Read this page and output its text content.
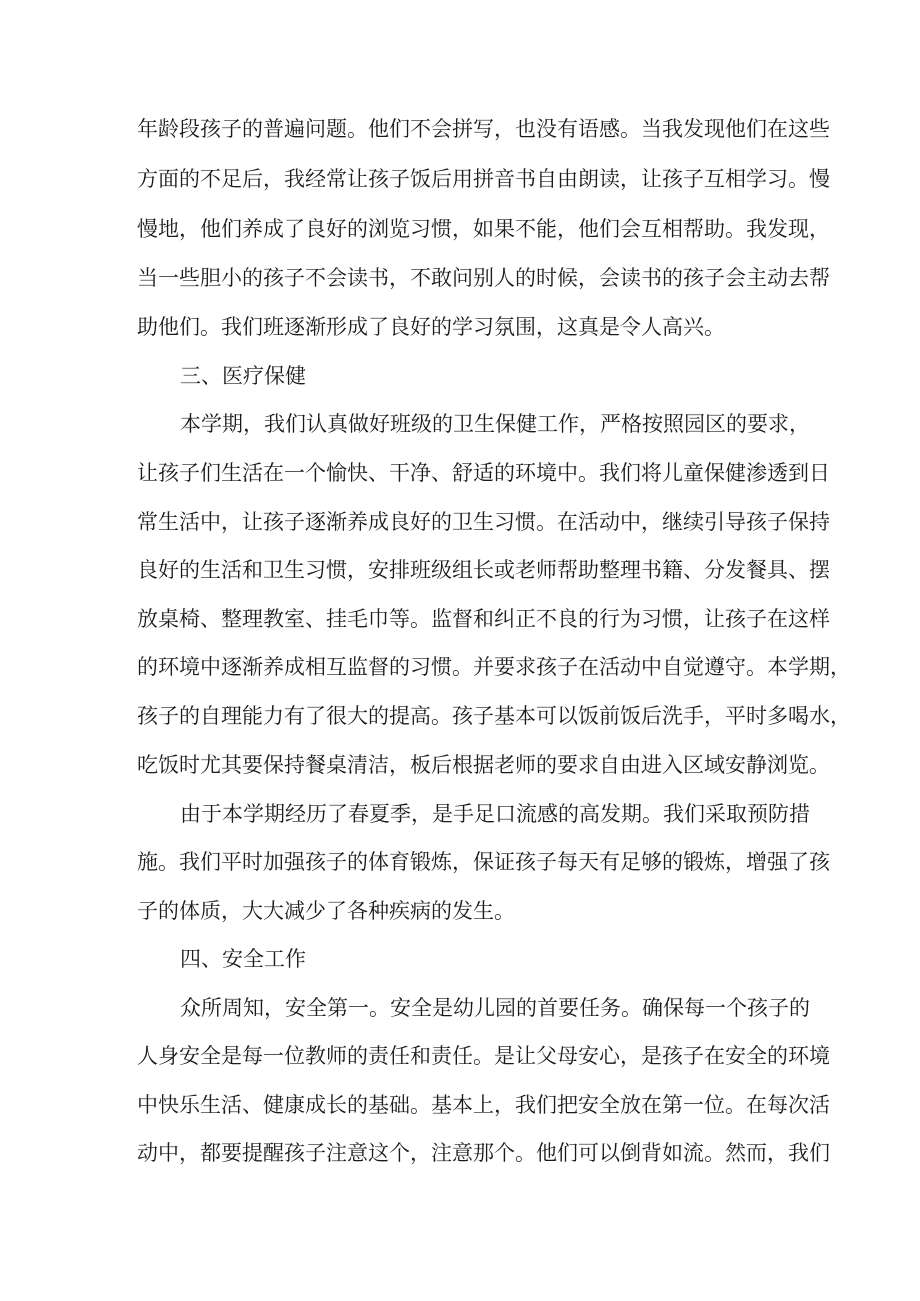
年龄段孩子的普遍问题。他们不会拼写，也没有语感。当我发现他们在这些
方面的不足后，我经常让孩子饭后用拼音书自由朗读，让孩子互相学习。慢
慢地，他们养成了良好的浏览习惯，如果不能，他们会互相帮助。我发现，
当一些胆小的孩子不会读书，不敢问别人的时候，会读书的孩子会主动去帮
助他们。我们班逐渐形成了良好的学习氛围，这真是令人高兴。
三、医疗保健
本学期，我们认真做好班级的卫生保健工作，严格按照园区的要求，
让孩子们生活在一个愉快、干净、舒适的环境中。我们将儿童保健渗透到日
常生活中，让孩子逐渐养成良好的卫生习惯。在活动中，继续引导孩子保持
良好的生活和卫生习惯，安排班级组长或老师帮助整理书籍、分发餐具、摆
放桌椅、整理教室、挂毛巾等。监督和纠正不良的行为习惯，让孩子在这样
的环境中逐渐养成相互监督的习惯。并要求孩子在活动中自觉遵守。本学期，
孩子的自理能力有了很大的提高。孩子基本可以饭前饭后洗手，平时多喝水，
吃饭时尤其要保持餐桌清洁，板后根据老师的要求自由进入区域安静浏览。
由于本学期经历了春夏季，是手足口流感的高发期。我们采取预防措
施。我们平时加强孩子的体育锻炼，保证孩子每天有足够的锻炼，增强了孩
子的体质，大大减少了各种疾病的发生。
四、安全工作
众所周知，安全第一。安全是幼儿园的首要任务。确保每一个孩子的
人身安全是每一位教师的责任和责任。是让父母安心，是孩子在安全的环境
中快乐生活、健康成长的基础。基本上，我们把安全放在第一位。在每次活
动中，都要提醒孩子注意这个，注意那个。他们可以倒背如流。然而，我们
